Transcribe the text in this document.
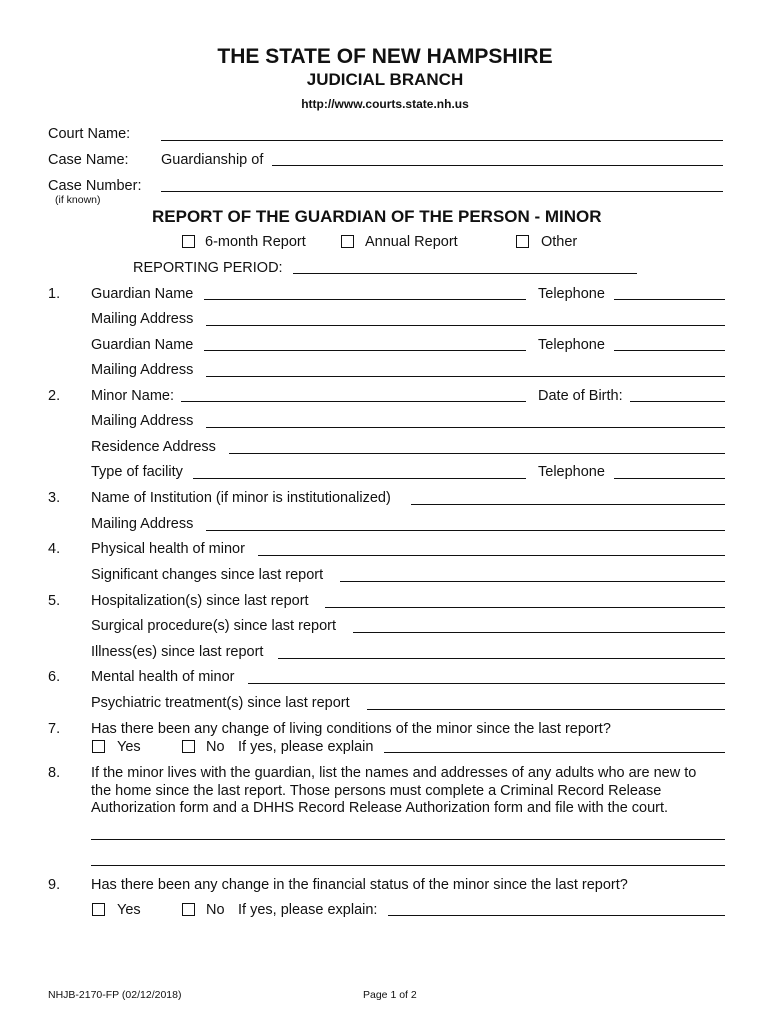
THE STATE OF NEW HAMPSHIRE
JUDICIAL BRANCH
http://www.courts.state.nh.us
Court Name:
Case Name: Guardianship of
Case Number:
(if known)
REPORT OF THE GUARDIAN OF THE PERSON - MINOR
6-month Report	Annual Report	Other
REPORTING PERIOD:
1. Guardian Name	Telephone
Mailing Address
Guardian Name	Telephone
Mailing Address
2. Minor Name:	Date of Birth:
Mailing Address
Residence Address
Type of facility	Telephone
3. Name of Institution (if minor is institutionalized)
Mailing Address
4. Physical health of minor
Significant changes since last report
5. Hospitalization(s) since last report
Surgical procedure(s) since last report
Illness(es) since last report
6. Mental health of minor
Psychiatric treatment(s) since last report
7. Has there been any change of living conditions of the minor since the last report?
Yes	No If yes, please explain
8. If the minor lives with the guardian, list the names and addresses of any adults who are new to
the home since the last report. Those persons must complete a Criminal Record Release
Authorization form and a DHHS Record Release Authorization form and file with the court.
9. Has there been any change in the financial status of the minor since the last report?
Yes	No If yes, please explain:
NHJB-2170-FP (02/12/2018)	Page 1 of 2
